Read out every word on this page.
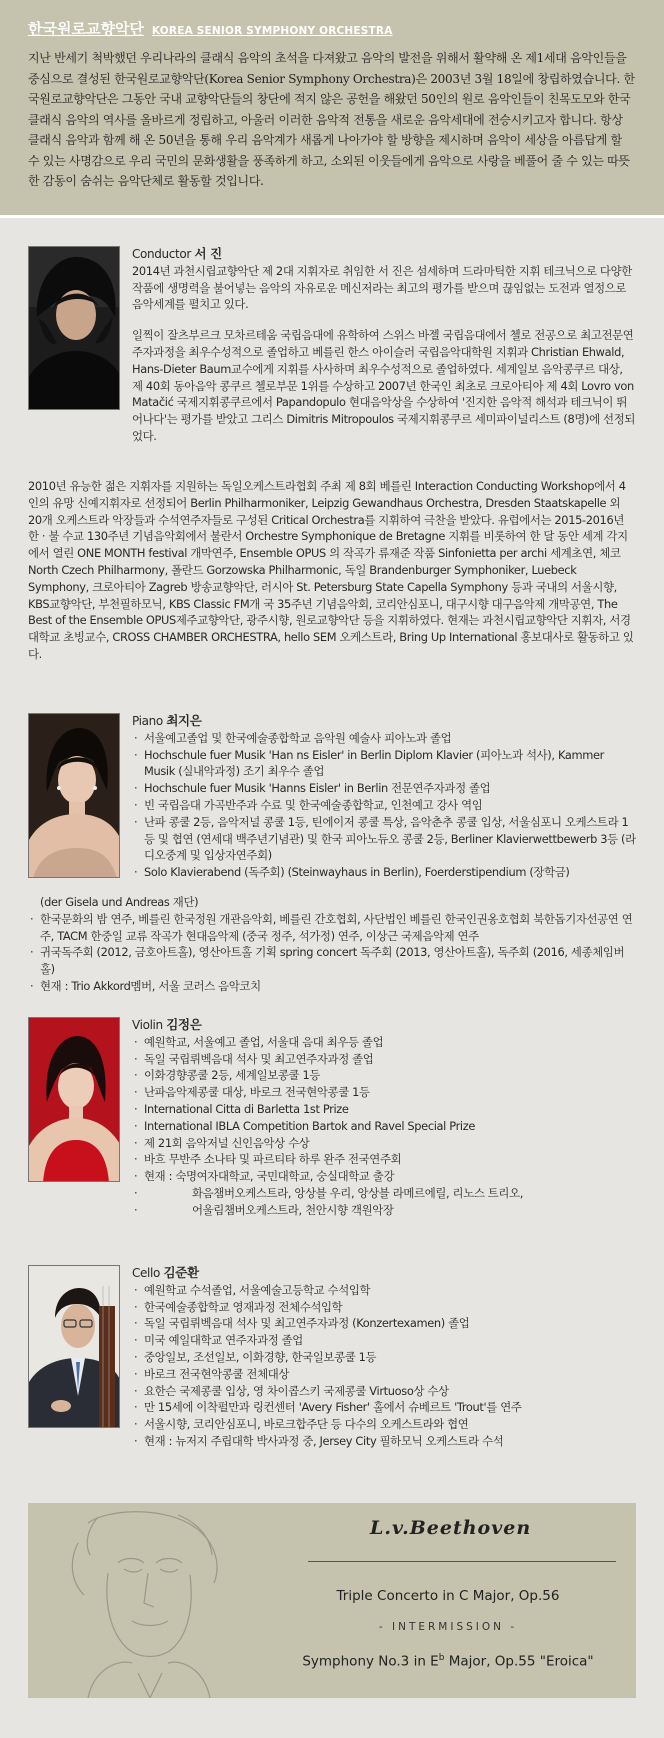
한국원로교향악단 KOREA SENIOR SYMPHONY ORCHESTRA
지난 반세기 척박했던 우리나라의 클래식 음악의 초석을 다져왔고 음악의 발전을 위해서 활약해 온 제1세대 음악인들을 중심으로 결성된 한국원로교향악단(Korea Senior Symphony Orchestra)은 2003년 3월 18일에 창립하였습니다. 한국원로교향악단은 그동안 국내 교향악단들의 창단에 적지 않은 공헌을 해왔던 50인의 원로 음악인들이 친목도모와 한국 클래식 음악의 역사를 올바르게 정립하고, 아울러 이러한 음악적 전통을 새로운 음악세대에 전승시키고자 합니다. 항상 클래식 음악과 함께 해 온 50년을 통해 우리 음악계가 새롭게 나아가야 할 방향을 제시하며 음악이 세상을 아름답게 할 수 있는 사명감으로 우리 국민의 문화생활을 풍족하게 하고, 소외된 이웃들에게 음악으로 사랑을 베풀어 줄 수 있는 따뜻한 감동이 숨쉬는 음악단체로 활동할 것입니다.
Conductor 서 진
2014년 과천시립교향악단 제 2대 지휘자로 취임한 서 진은 섬세하며 드라마틱한 지휘 테크닉으로 다양한 작품에 생명력을 불어넣는 음악의 자유로운 메신저라는 최고의 평가를 받으며 끊임없는 도전과 열정으로 음악세계를 펼치고 있다.

일찍이 잘츠부르크 모차르테움 국립음대에 유학하여 스위스 바젤 국립음대에서 첼로 전공으로 최고전문연주자과정을 최우수성적으로 졸업하고 베를린 한스 아이슬러 국립음악대학원 지휘과 Christian Ehwald, Hans-Dieter Baum교수에게 지휘를 사사하며 최우수성적으로 졸업하였다. 세계일보 음악콩쿠르 대상, 제 40회 동아음악 콩쿠르 첼로부문 1위를 수상하고 2007년 한국인 최초로 크로아티아 제 4회 Lovro von Matačić 국제지휘콩쿠르에서 Papandopulo 현대음악상을 수상하여 '진지한 음악적 해석과 테크닉이 뛰어나다'는 평가를 받았고 그리스 Dimitris Mitropoulos 국제지휘콩쿠르 세미파이널리스트 (8명)에 선정되었다.

2010년 유능한 젊은 지휘자를 지원하는 독일오케스트라협회 주최 제 8회 베를린 Interaction Conducting Workshop에서 4인의 유망 신예지휘자로 선정되어 Berlin Philharmoniker, Leipzig Gewandhaus Orchestra, Dresden Staatskapelle 외 20개 오케스트라 악장들과 수석연주자들로 구성된 Critical Orchestra를 지휘하여 극찬을 받았다. 유럽에서는 2015-2016년 한 · 불 수교 130주년 기념음악회에서 불란서 Orchestre Symphonique de Bretagne 지휘를 비롯하여 한 달 동안 세계 각지에서 열린 ONE MONTH festival 개막연주, Ensemble OPUS 의 작곡가 류재준 작품 Sinfonietta per archi 세계초연, 체코 North Czech Philharmony, 폴란드 Gorzowska Philharmonic, 독일 Brandenburger Symphoniker, Luebeck Symphony, 크로아티아 Zagreb 방송교향악단, 러시아 St. Petersburg State Capella Symphony 등과 국내의 서울시향, KBS교향악단, 부천필하모닉, KBS Classic FM개 국 35주년 기념음악회, 코리안심포니, 대구시향 대구음악제 개막공연, The Best of the Ensemble OPUS제주교향악단, 광주시향, 원로교향악단 등을 지휘하였다. 현재는 과천시립교향악단 지휘자, 서경대학교 초빙교수, CROSS CHAMBER ORCHESTRA, hello SEM 오케스트라, Bring Up International 홍보대사로 활동하고 있다.
Piano 최지은
· 서울예고졸업 및 한국예술종합학교 음악원 예술사 피아노과 졸업
· Hochschule fuer Musik 'Han ns Eisler' in Berlin Diplom Klavier (피아노과 석사), Kammer Musik (실내악과정) 조기 최우수 졸업
· Hochschule fuer Musik 'Hanns Eisler' in Berlin 전문연주자과정 졸업
· 빈 국립음대 가곡반주과 수료 및 한국예술종합학교, 인천예고 강사 역임
· 난파 콩쿨 2등, 음악저널 콩쿨 1등, 틴에이저 콩쿨 특상, 음악춘추 콩쿨 입상, 서울심포니 오케스트라 1등 및 협연 (연세대 백주년기념관) 및 한국 피아노듀오 콩쿨 2등, Berliner Klavierwettbewerb 3등 (라디오중계 및 입상자연주회)
· Solo Klavierabend (독주회) (Steinwayhaus in Berlin), Foerderstipendium (장학금)
(der Gisela und Andreas 재단)
· 한국문화의 밤 연주, 베를린 한국정원 개관음악회, 베를린 간호협회, 사단법인 베를린 한국인권옹호협회 북한돕기자선공연 연주, TACM 한중일 교류 작곡가 현대음악제 (중국 정주, 석가정) 연주, 이상근 국제음악제 연주
· 귀국독주회 (2012, 금호아트홀), 영산아트홀 기획 spring concert 독주회 (2013, 영산아트홀), 독주회 (2016, 세종체임버홀)
· 현재 : Trio Akkord멤버, 서울 코러스 음악코치
Violin 김정은
· 예원학교, 서울예고 졸업, 서울대 음대 최우등 졸업
· 독일 국립뤼벡음대 석사 및 최고연주자과정 졸업
· 이화경향콩쿨 2등, 세계일보콩쿨 1등
· 난파음악제콩쿨 대상, 바로크 전국현악콩쿨 1등
· International Citta di Barletta 1st Prize
· International IBLA Competition Bartok and Ravel Special Prize
· 제 21회 음악저널 신인음악상 수상
· 바흐 무반주 소나타 및 파르티타 하루 완주 전국연주회
· 현재 : 숙명여자대학교, 국민대학교, 숭실대학교 출강
· 화음챔버오케스트라, 앙상블 우리, 앙상블 라메르에릴, 리노스 트리오,
· 어울림챔버오케스트라, 천안시향 객원악장
Cello 김준환
· 예원학교 수석졸업, 서울예술고등학교 수석입학
· 한국예술종합학교 영재과정 전체수석입학
· 독일 국립뤼벡음대 석사 및 최고연주자과정 (Konzertexamen) 졸업
· 미국 예일대학교 연주자과정 졸업
· 중앙일보, 조선일보, 이화경향, 한국일보콩쿨 1등
· 바로크 전국현악콩쿨 전체대상
· 요한슨 국제콩쿨 입상, 영 차이콥스키 국제콩쿨 Virtuoso상 수상
· 만 15세에 이착펄만과 링컨센터 'Avery Fisher' 홀에서 슈베르트 'Trout'를 연주
· 서울시향, 코리안심포니, 바로크합주단 등 다수의 오케스트라와 협연
· 현재 : 뉴저지 주립대학 박사과정 중, Jersey City 필하모닉 오케스트라 수석
L.v.Beethoven
Triple Concerto in C Major, Op.56
- INTERMISSION -
Symphony No.3 in $E^b$ Major, Op.55 "Eroica"
